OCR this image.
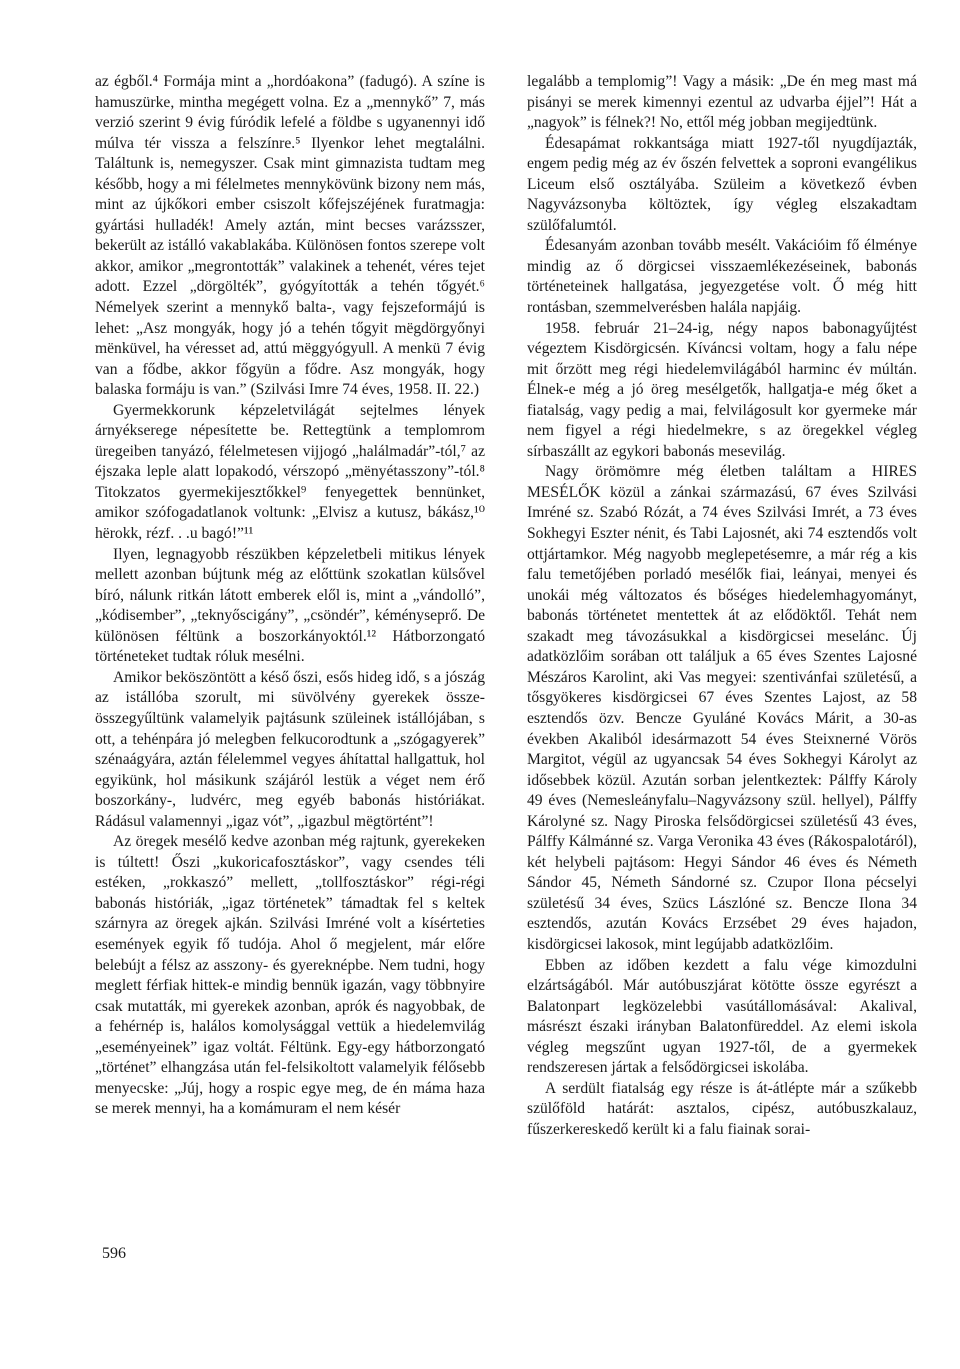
az égből.⁴ Formája mint a „hordóakona” (fadugó). A színe is hamuszürke, mintha megégett volna. Ez a „mennykő” 7, más verzió szerint 9 évig fúródik lefelé a földbe s ugyanennyi idő múlva tér vissza a felszínre.⁵ Ilyenkor lehet megtalálni. Találtunk is, nemegyszer. Csak mint gimnazista tudtam meg később, hogy a mi félelmetes mennykövünk bizony nem más, mint az újkőkori ember csiszolt kőfejszéjének furatmagja: gyártási hulladék! Amely aztán, mint becses varázsszer, bekerült az istálló vakablakába. Különösen fontos szerepe volt akkor, amikor „megrontották” valakinek a tehenét, véres tejet adott. Ezzel „dörgölték”, gyógyították a tehén tőgyét.⁶ Némelyek szerint a mennykő balta-, vagy fejszeformájú is lehet: „Asz mongyák, hogy jó a tehén tőgyit mëgdörgyőnyi mënküvel, ha véresset ad, attú mëggyógyull. A menkü 7 évig van a fődbe, akkor főgyün a fődre. Asz mongyák, hogy balaska formáju is van.” (Szilvási Imre 74 éves, 1958. II. 22.)

Gyermekkorunk képzeletvilágát sejtelmes lények árnyékserege népesítette be. Rettegtünk a templomrom üregeiben tanyázó, félelmetesen vijjogó „halálmadár”-tól,⁷ az éjszaka leple alatt lopakodó, vérszopó „mënyétasszony”-tól.⁸ Titokzatos gyermekijesztőkkel⁹ fenyegettek bennünket, amikor szófogadatlanok voltunk: „Elvisz a kutusz, bákász,¹⁰ hërokk, rézf. . .u bagó!”¹¹

Ilyen, legnagyobb részükben képzeletbeli mitikus lények mellett azonban bújtunk még az előttünk szokatlan külsővel bíró, nálunk ritkán látott emberek elől is, mint a „vándolló”, „kódisember”, „teknyőscigány”, „csöndér”, kéményseprő. De különösen féltünk a boszorkányoktól.¹² Hátborzongató történeteket tudtak róluk mesélni.

Amikor beköszöntött a késő őszi, esős hideg idő, s a jószág az istállóba szorult, mi süvölvény gyerekek össze-összegyűltünk valamelyik pajtásunk szüleinek istállójában, s ott, a tehénpára jó melegben felkucorodtunk a „szógagyerek” szénaágyára, aztán félelemmel vegyes áhítattal hallgattuk, hol egyikünk, hol másikunk szájáról lestük a véget nem érő boszorkány-, ludvérc, meg egyéb babonás históriákat. Rádásul valamennyi „igaz vót”, „igazbul mëgtörtént”!

Az öregek mesélő kedve azonban még rajtunk, gyerekeken is túltett! Őszi „kukoricafosztáskor”, vagy csendes téli estéken, „rokkaszó” mellett, „tollfosztáskor” régi-régi babonás históriák, „igaz történetek” támadtak fel s keltek szárnyra az öregek ajkán. Szilvási Imréné volt a kísérteties események egyik fő tudója. Ahol ő megjelent, már előre belebújt a félsz az asszony- és gyereknépbe. Nem tudni, hogy meglett férfiak hittek-e mindig bennük igazán, vagy többnyire csak mutatták, mi gyerekek azonban, aprók és nagyobbak, de a fehérnép is, halálos komolysággal vettük a hiedelemvilág „eseményeinek” igaz voltát. Féltünk. Egy-egy hátborzongató „történet” elhangzása után fel-felsikoltott valamelyik félősebb menyecske: „Júj, hogy a rospic egye meg, de én máma haza se merek mennyi, ha a komámuram el nem késér

legalább a templomig”! Vagy a másik: „De én meg mast má pisányi se merek kimennyi ezentul az udvarba éjjel”! Hát a „nagyok” is félnek?! No, ettől még jobban megijedtünk.

Édesapámat rokkantsága miatt 1927-től nyugdíjazták, engem pedig még az év őszén felvettek a soproni evangélikus Liceum első osztályába. Szüleim a következő évben Nagyvázsonyba költöztek, így végleg elszakadtam szülőfalumtól.

Édesanyám azonban tovább mesélt. Vakációim fő élménye mindig az ő dörgicsei visszaemlékezéseinek, babonás történeteinek hallgatása, jegyezgetése volt. Ő még hitt rontásban, szemmelverésben halála napjáig.

1958. február 21–24-ig, négy napos babonagyűjtést végeztem Kisdörgicsén. Kíváncsi voltam, hogy a falu népe mit őrzött meg régi hiedelemvilágából harminc év múltán. Élnek-e még a jó öreg mesélgetők, hallgatja-e még őket a fiatalság, vagy pedig a mai, felvilágosult kor gyermeke már nem figyel a régi hiedelmekre, s az öregekkel végleg sírbaszállt az egykori babonás mesevilág.

Nagy örömömre még életben találtam a HIRES MESÉLŐK közül a zánkai származású, 67 éves Szilvási Imréné sz. Szabó Rózát, a 74 éves Szilvási Imrét, a 73 éves Sokhegyi Eszter nénit, és Tabi Lajosnét, aki 74 esztendős volt ottjártamkor. Még nagyobb meglepetésemre, a már rég a kis falu temetőjében porladó mesélők fiai, leányai, menyei és unokái még változatos és bőséges hiedelemhagyományt, babonás történetet mentettek át az elődöktől. Tehát nem szakadt meg távozásukkal a kisdörgicsei meselánc. Új adatközlőim sorában ott találjuk a 65 éves Szentes Lajosné Mészáros Karolint, aki Vas megyei: szentivánfai születésű, a tősgyökeres kisdörgicsei 67 éves Szentes Lajost, az 58 esztendős özv. Bencze Gyuláné Kovács Márit, a 30-as években Akaliból idesármazott 54 éves Steixnerné Vörös Margitot, végül az ugyancsak 54 éves Sokhegyi Károlyt az idősebbek közül. Azután sorban jelentkeztek: Pálffy Károly 49 éves (Nemesleányfalu–Nagyvázsony szül. hellyel), Pálffy Károlyné sz. Nagy Piroska felsődörgicsei születésű 43 éves, Pálffy Kálmánné sz. Varga Veronika 43 éves (Rákospalotáról), két helybeli pajtásom: Hegyi Sándor 46 éves és Németh Sándor 45, Németh Sándorné sz. Czupor Ilona pécselyi születésű 34 éves, Szücs Lászlóné sz. Bencze Ilona 34 esztendős, azután Kovács Erzsébet 29 éves hajadon, kisdörgicsei lakosok, mint legújabb adatközlőim.

Ebben az időben kezdett a falu vége kimozdulni elzártságából. Már autóbuszjárat kötötte össze egyrészt a Balatonpart legközelebbi vasútállomásával: Akalival, másrészt északi irányban Balatonfüreddel. Az elemi iskola végleg megszűnt ugyan 1927-től, de a gyermekek rendszeresen jártak a felsődörgicsei iskolába.

A serdült fiatalság egy része is át-átlépte már a szűkebb szülőföld határát: asztalos, cipész, autóbuszkalauz, fűszerkereskedő került ki a falu fiainak sorai-

596
